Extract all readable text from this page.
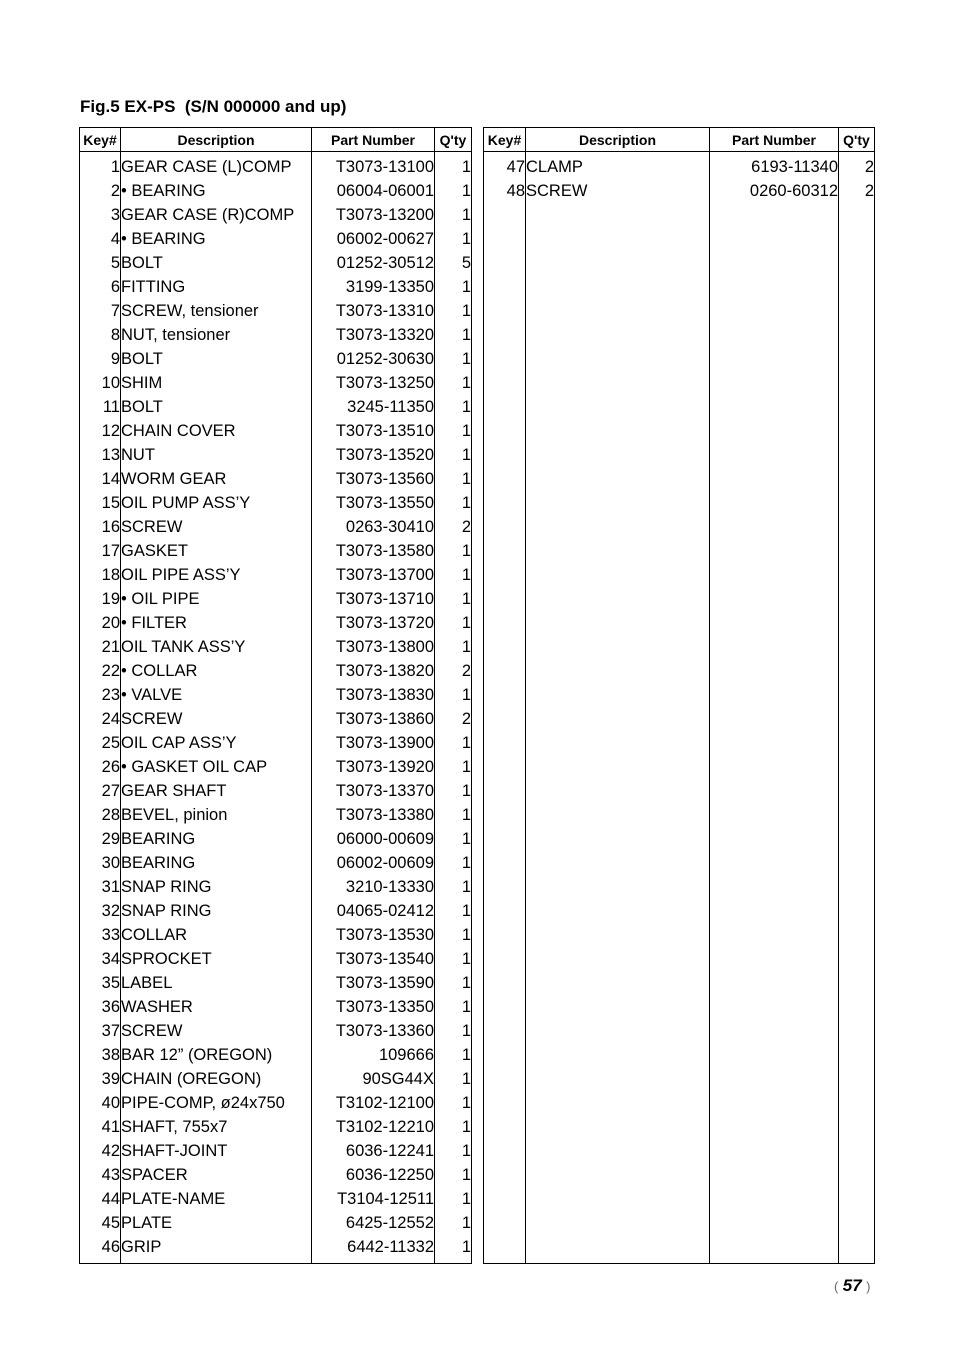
Fig.5 EX-PS  (S/N 000000 and up)
Key#	Description	Part Number	Q'ty

1	GEAR CASE (L)COMP	T3073-13100	1
2	• BEARING	06004-06001	1
3	GEAR CASE (R)COMP	T3073-13200	1
4	• BEARING	06002-00627	1
5	BOLT	01252-30512	5
6	FITTING	3199-13350	1
7	SCREW, tensioner	T3073-13310	1
8	NUT, tensioner	T3073-13320	1
9	BOLT	01252-30630	1
10	SHIM	T3073-13250	1
11	BOLT	3245-11350	1
12	CHAIN COVER	T3073-13510	1
13	NUT	T3073-13520	1
14	WORM GEAR	T3073-13560	1
15	OIL PUMP ASS’Y	T3073-13550	1
16	SCREW	0263-30410	2
17	GASKET	T3073-13580	1
18	OIL PIPE ASS’Y	T3073-13700	1
19	• OIL PIPE	T3073-13710	1
20	• FILTER	T3073-13720	1
21	OIL TANK ASS’Y	T3073-13800	1
22	• COLLAR	T3073-13820	2
23	• VALVE	T3073-13830	1
24	SCREW	T3073-13860	2
25	OIL CAP ASS’Y	T3073-13900	1
26	• GASKET OIL CAP	T3073-13920	1
27	GEAR SHAFT	T3073-13370	1
28	BEVEL, pinion	T3073-13380	1
29	BEARING	06000-00609	1
30	BEARING	06002-00609	1
31	SNAP RING	3210-13330	1
32	SNAP RING	04065-02412	1
33	COLLAR	T3073-13530	1
34	SPROCKET	T3073-13540	1
35	LABEL	T3073-13590	1
36	WASHER	T3073-13350	1
37	SCREW	T3073-13360	1
38	BAR 12” (OREGON)	109666	1
39	CHAIN (OREGON)	90SG44X	1
40	PIPE-COMP, ø24x750	T3102-12100	1
41	SHAFT, 755x7	T3102-12210	1
42	SHAFT-JOINT	6036-12241	1
43	SPACER	6036-12250	1
44	PLATE-NAME	T3104-12511	1
45	PLATE	6425-12552	1
46	GRIP	6442-11332	1

Key#	Description	Part Number	Q'ty

47	CLAMP	6193-11340	2
48	SCREW	0260-60312	2

( 57 )
